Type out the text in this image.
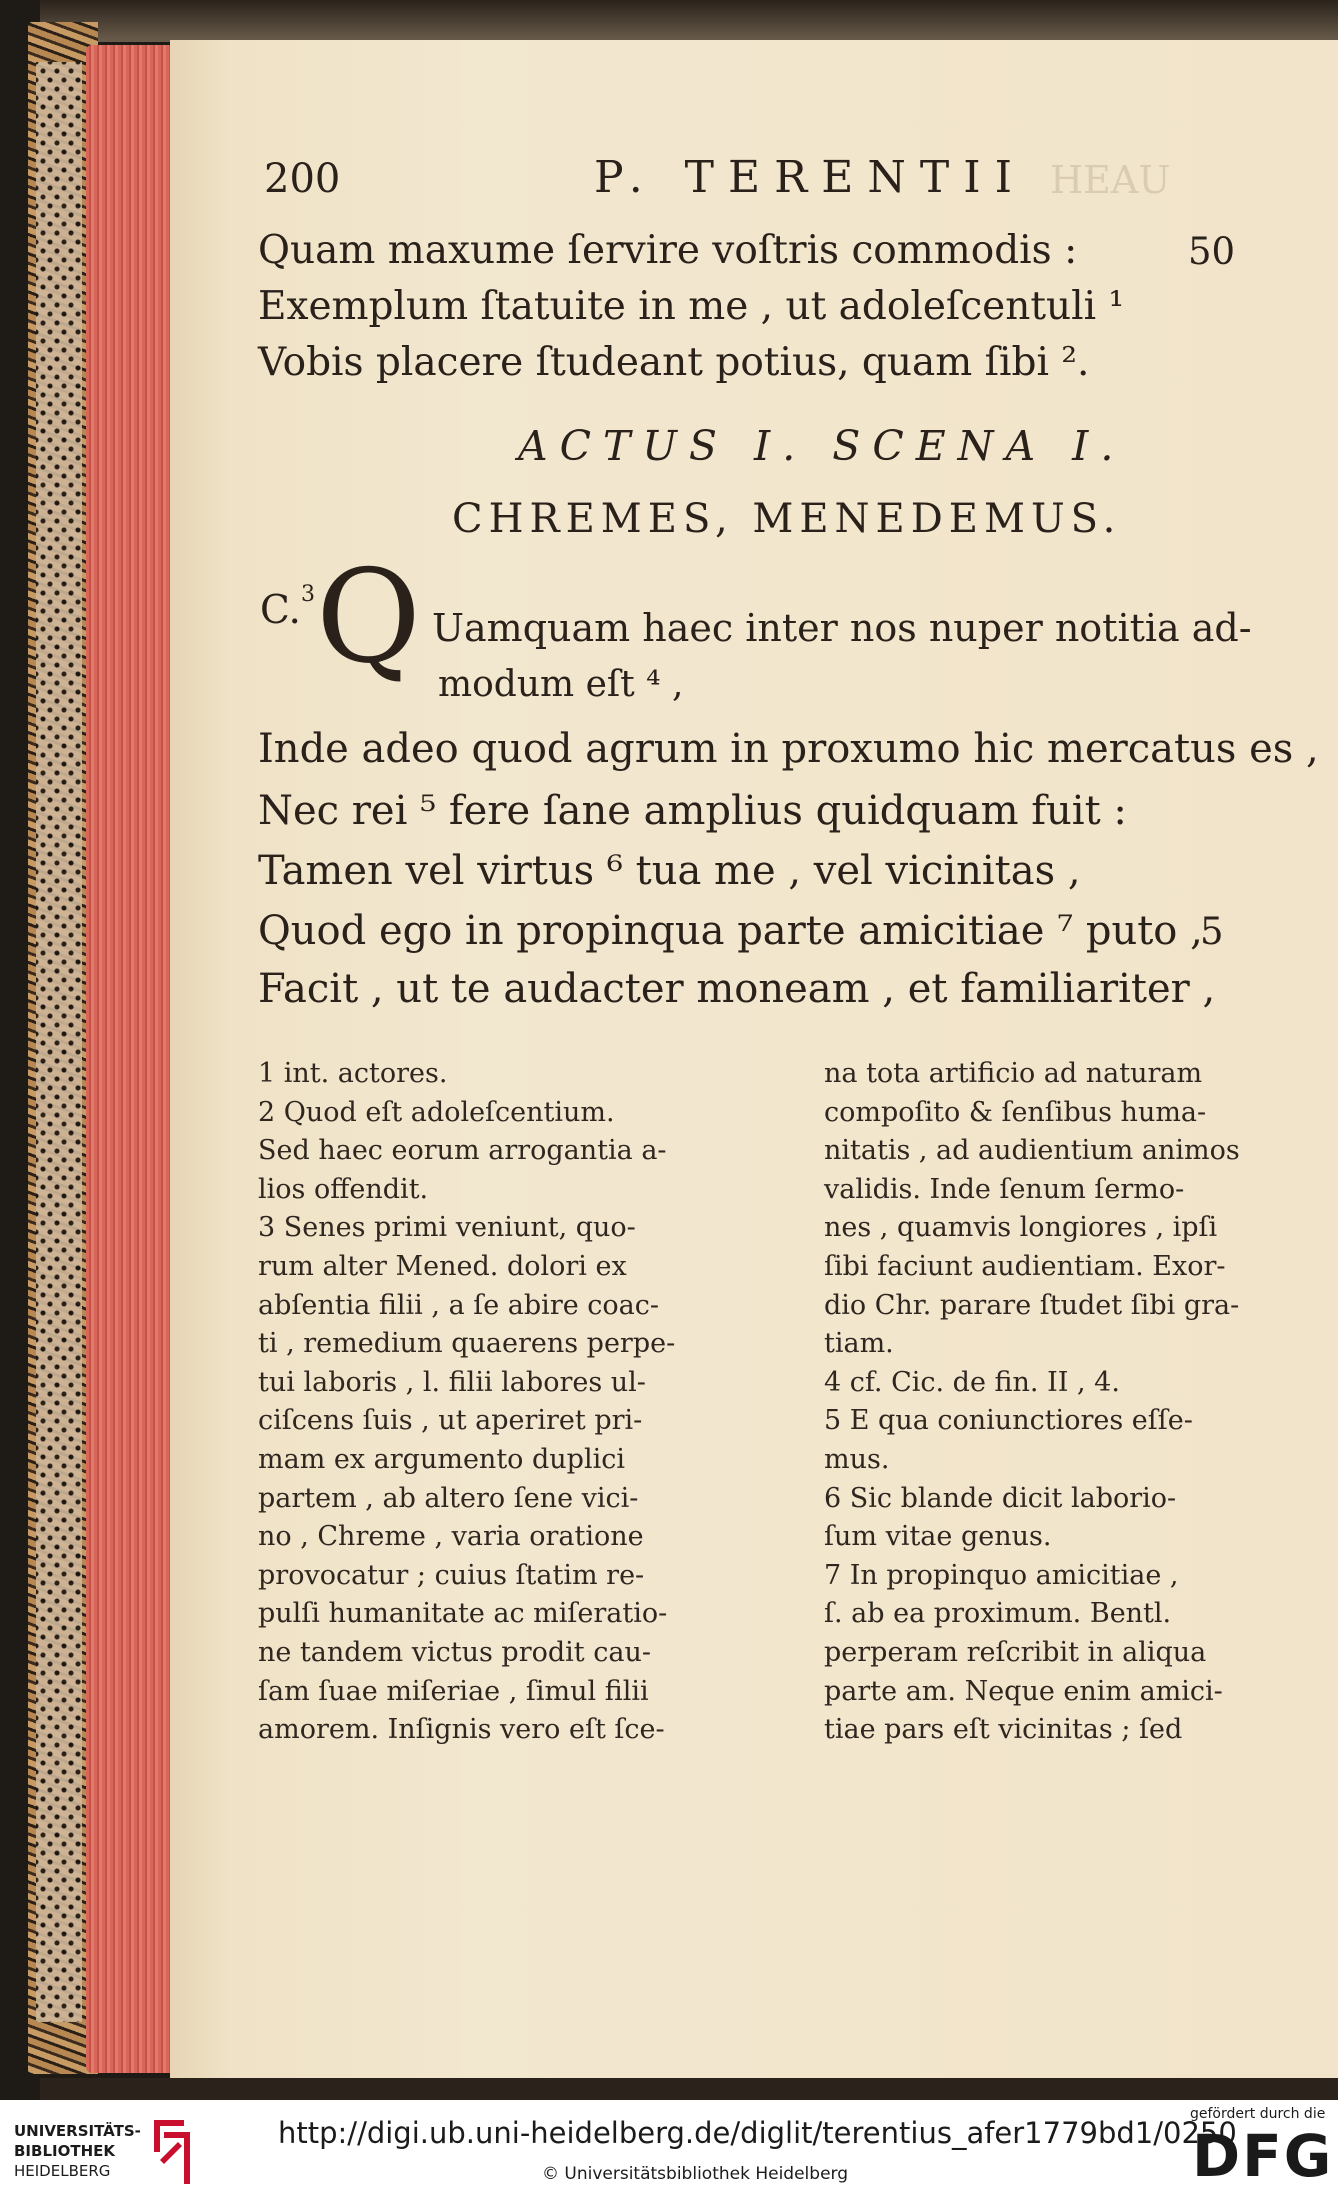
HEAU
200	P. TERENTII
Quam maxume ſervire voſtris commodis :	50
Exemplum ſtatuite in me , ut adoleſcentuli ¹
Vobis placere ſtudeant potius, quam ſibi ².
ACTUS I. SCENA I.
CHREMES, MENEDEMUS.
C. 3 Q Uamquam haec inter nos nuper notitia ad-
modum eſt ⁴ ,
Inde adeo quod agrum in proxumo hic mercatus es ,
Nec rei ⁵ fere ſane amplius quidquam fuit :
Tamen vel virtus ⁶ tua me , vel vicinitas ,
Quod ego in propinqua parte amicitiae ⁷ puto ,
5
Facit , ut te audacter moneam , et familiariter ,
1 int. actores.
2 Quod eſt adoleſcentium.
Sed haec eorum arrogantia a-
lios offendit.
3 Senes primi veniunt, quo-
rum alter Mened. dolori ex
abſentia filii , a ſe abire coac-
ti , remedium quaerens perpe-
tui laboris , l. filii labores ul-
ciſcens ſuis , ut aperiret pri-
mam ex argumento duplici
partem , ab altero ſene vici-
no , Chreme , varia oratione
provocatur ; cuius ſtatim re-
pulſi humanitate ac miſeratio-
ne tandem victus prodit cau-
ſam ſuae miſeriae , ſimul filii
amorem. Inſignis vero eſt ſce-
na tota artificio ad naturam
compoſito & ſenſibus huma-
nitatis , ad audientium animos
validis. Inde ſenum ſermo-
nes , quamvis longiores , ipſi
ſibi faciunt audientiam. Exor-
dio Chr. parare ſtudet ſibi gra-
tiam.
4 cf. Cic. de fin. II , 4.
5 E qua coniunctiores eſſe-
mus.
6 Sic blande dicit laborio-
ſum vitae genus.
7 In propinquo amicitiae ,
ſ. ab ea proximum. Bentl.
perperam reſcribit in aliqua
parte am. Neque enim amici-
tiae pars eſt vicinitas ; ſed
UNIVERSITÄTS-
BIBLIOTHEK
HEIDELBERG
http://digi.ub.uni-heidelberg.de/diglit/terentius_afer1779bd1/0250
© Universitätsbibliothek Heidelberg
gefördert durch die
DFG
